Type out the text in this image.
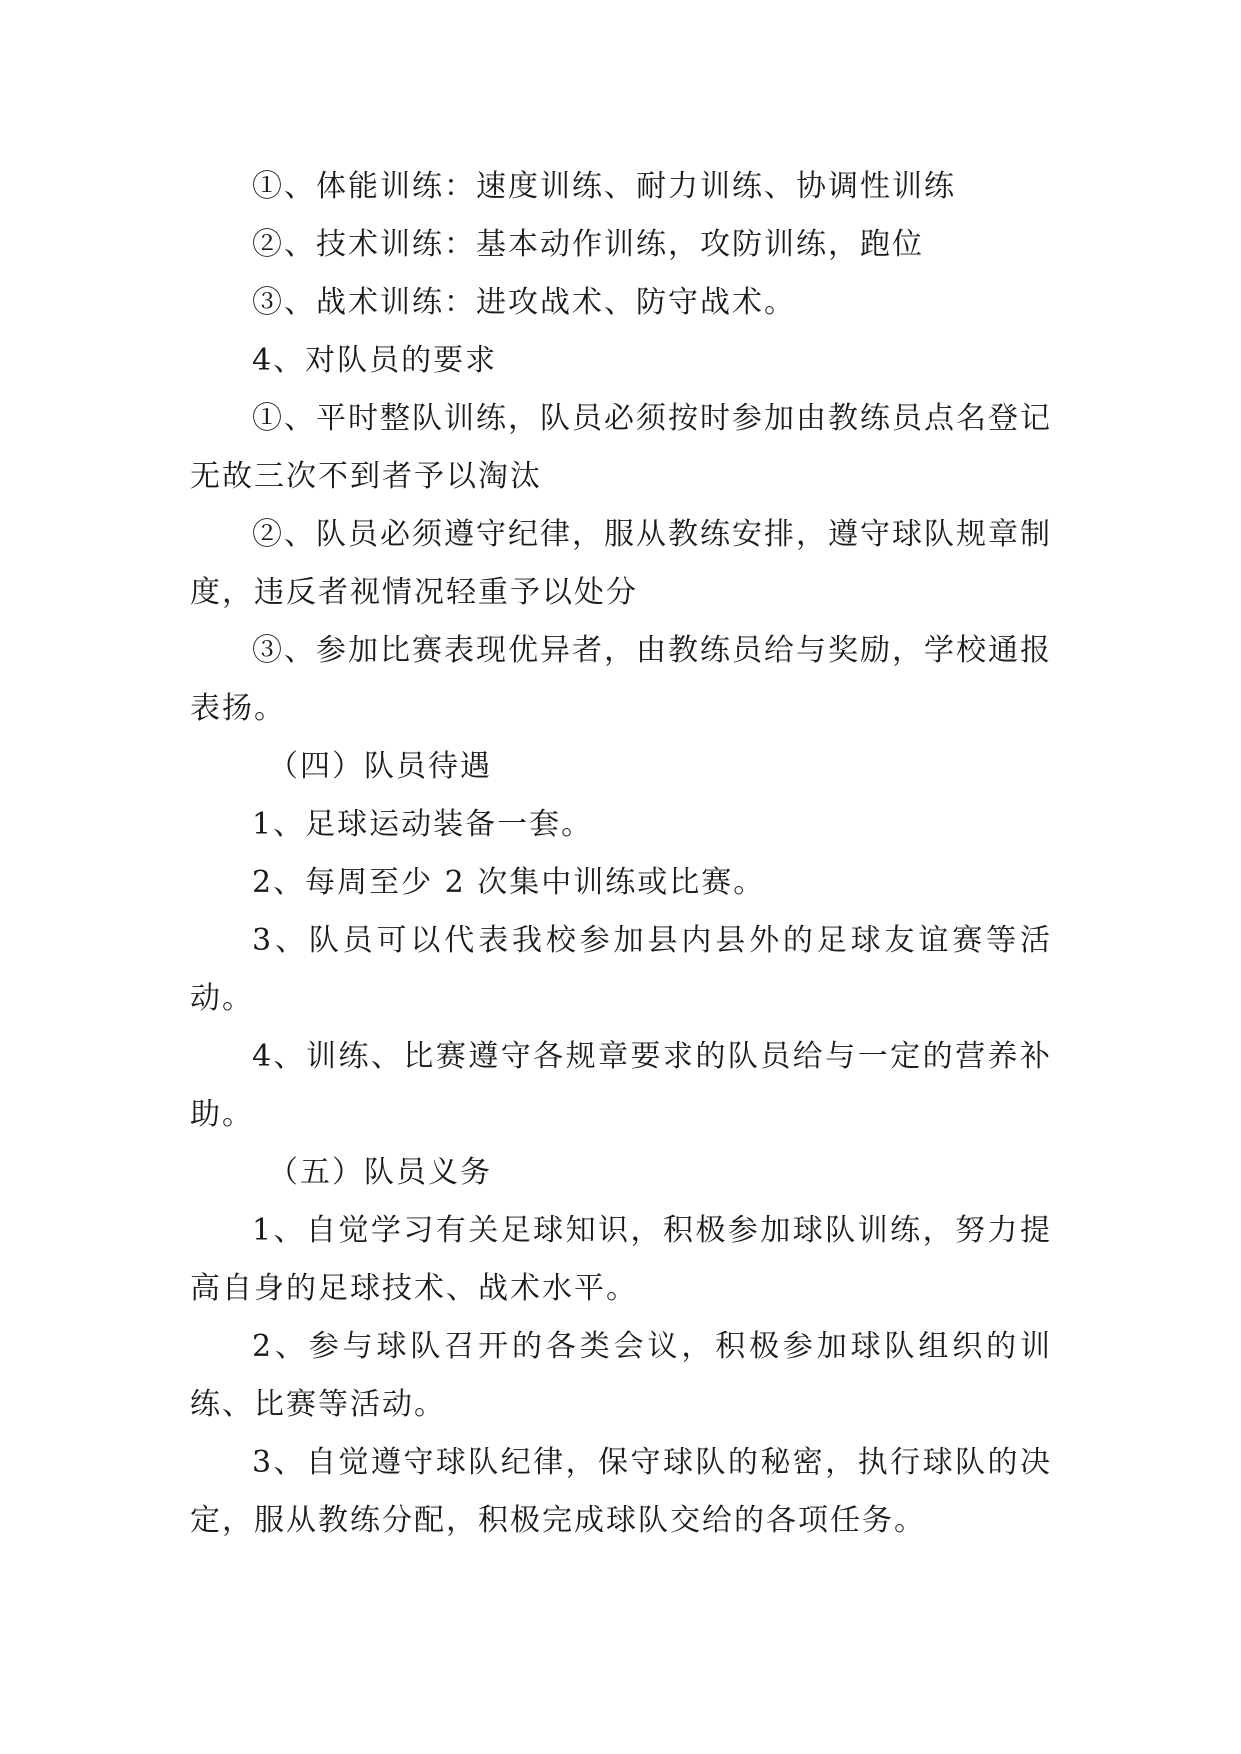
①、体能训练：速度训练、耐力训练、协调性训练

②、技术训练：基本动作训练，攻防训练，跑位

③、战术训练：进攻战术、防守战术。

4、对队员的要求

①、平时整队训练，队员必须按时参加由教练员点名登记无故三次不到者予以淘汰

②、队员必须遵守纪律，服从教练安排，遵守球队规章制度，违反者视情况轻重予以处分

③、参加比赛表现优异者，由教练员给与奖励，学校通报表扬。

（四）队员待遇

1、足球运动装备一套。

2、每周至少 2 次集中训练或比赛。

3、队员可以代表我校参加县内县外的足球友谊赛等活动。

4、训练、比赛遵守各规章要求的队员给与一定的营养补助。

（五）队员义务

1、自觉学习有关足球知识，积极参加球队训练，努力提高自身的足球技术、战术水平。

2、参与球队召开的各类会议，积极参加球队组织的训练、比赛等活动。

3、自觉遵守球队纪律，保守球队的秘密，执行球队的决定，服从教练分配，积极完成球队交给的各项任务。
